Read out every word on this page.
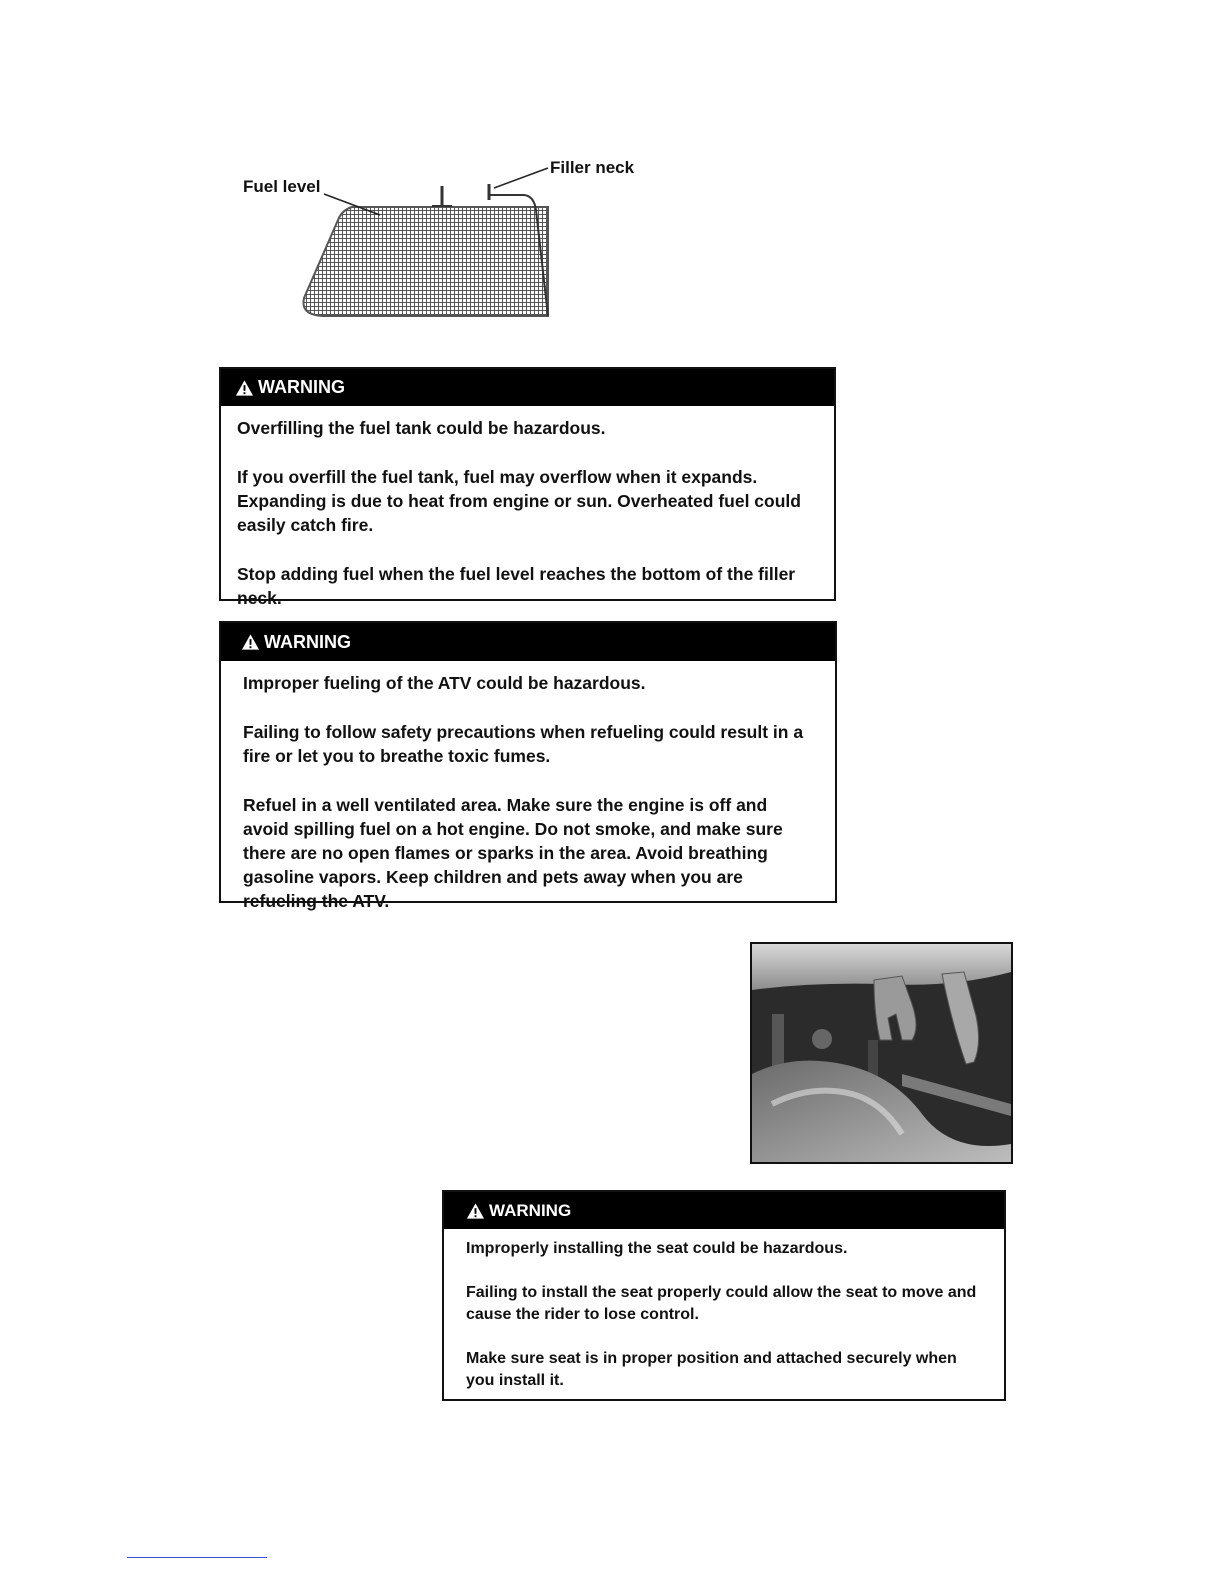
Fuel level
Filler neck
WARNING

Overfilling the fuel tank could be hazardous.

If you overfill the fuel tank, fuel may overflow when it expands. Expanding is due to heat from engine or sun. Overheated fuel could easily catch fire.

Stop adding fuel when the fuel level reaches the bottom of the filler neck.

WARNING

Improper fueling of the ATV could be hazardous.

Failing to follow safety precautions when refueling could result in a fire or let you to breathe toxic fumes.

Refuel in a well ventilated area. Make sure the engine is off and avoid spilling fuel on a hot engine. Do not smoke, and make sure there are no open flames or sparks in the area. Avoid breathing gasoline vapors. Keep children and pets away when you are refueling the ATV.

WARNING

Improperly installing the seat could be hazardous.

Failing to install the seat properly could allow the seat to move and cause the rider to lose control.

Make sure seat is in proper position and attached securely when you install it.
